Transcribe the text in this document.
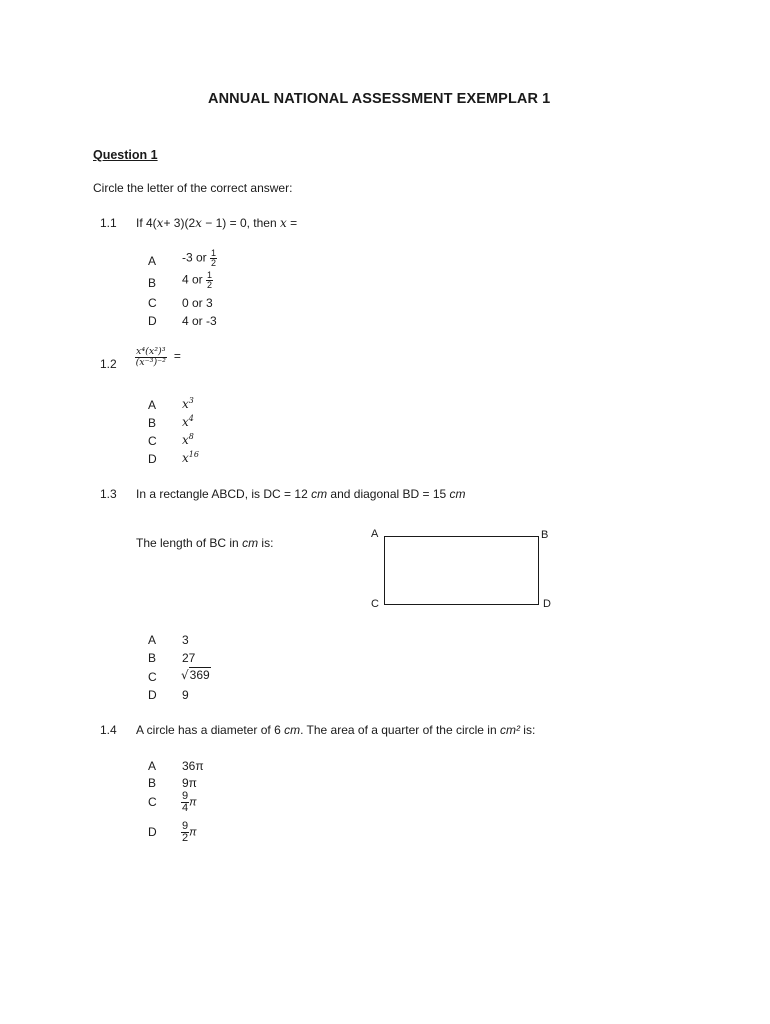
ANNUAL NATIONAL ASSESSMENT EXEMPLAR 1
Question 1
Circle the letter of the correct answer:
1.1 If 4(x+ 3)(2x − 1) = 0, then x =
A	-3 or $\frac{1}{2}$
B	4 or $\frac{1}{2}$
C	0 or 3
D	4 or -3
$1.2 \frac{\text{x⁴(x²)³}}{\text{(x⁻³)⁻²}}$ =
A	$x^3$
B	$x^4$
C	$x^8$
D	$x^{16}$
1.3 In a rectangle ABCD, is DC = 12 cm and diagonal BD = 15 cm
The length of BC in cm is:
A	B
C	D
A	3
B	27
C	√369
D	9
1.4 A circle has a diameter of 6 cm. The area of a quarter of the circle in cm² is:
A	36π
B	9π
C	$\frac{9}{4}$ π
D	$\frac{9}{2}$ π
